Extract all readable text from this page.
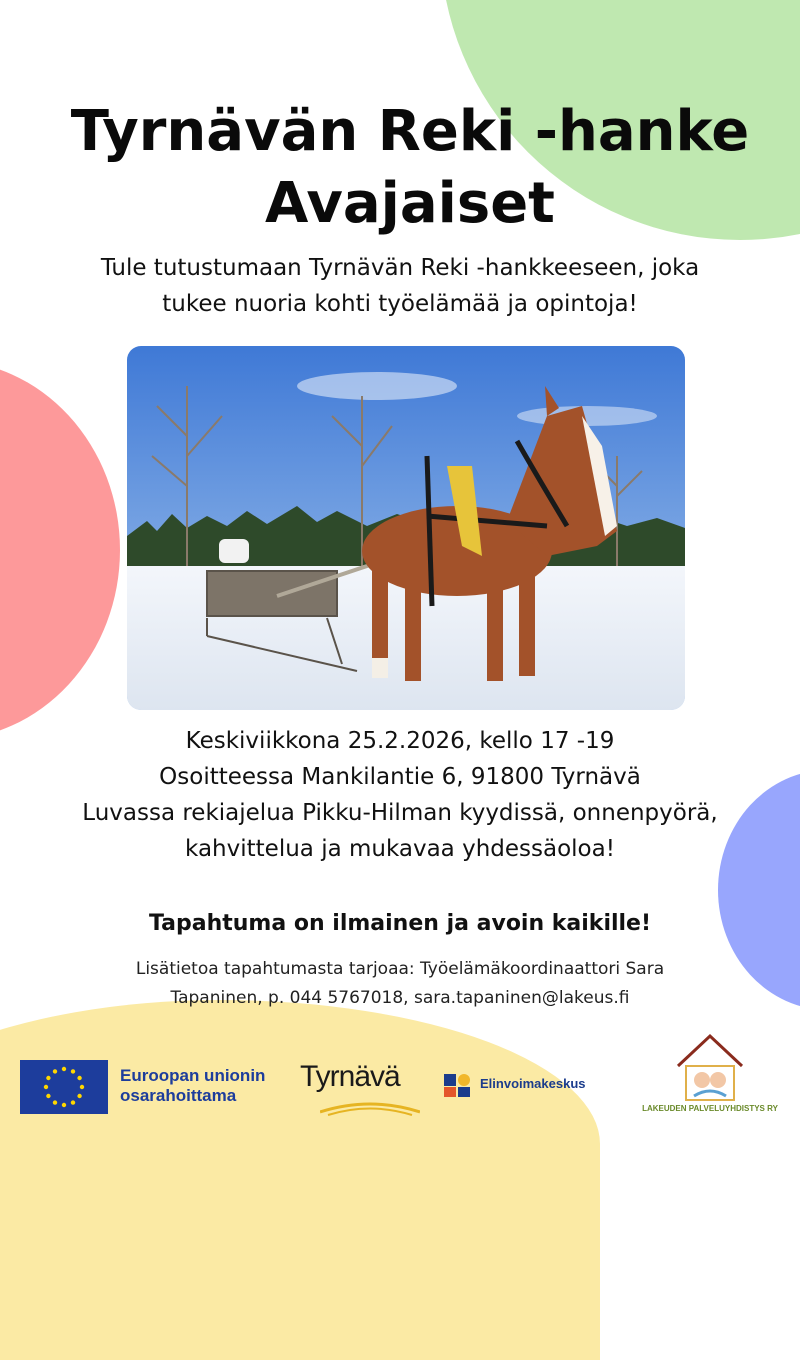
Tyrnävän Reki -hanke
Avajaiset
Tule tutustumaan Tyrnävän Reki -hankkeeseen, joka
tukee nuoria kohti työelämää ja opintoja!
Keskiviikkona 25.2.2026, kello 17 -19
Osoitteessa Mankilantie 6, 91800 Tyrnävä
Luvassa rekiajelua Pikku-Hilman kyydissä, onnenpyörä,
kahvittelua ja mukavaa yhdessäoloa!
Tapahtuma on ilmainen ja avoin kaikille!
Lisätietoa tapahtumasta tarjoaa: Työelämäkoordinaattori Sara
Tapaninen, p. 044 5767018, sara.tapaninen@lakeus.fi
Euroopan unionin
osarahoittama
Tyrnävä	Elinvoimakeskus
LAKEUDEN PALVELUYHDISTYS RY
